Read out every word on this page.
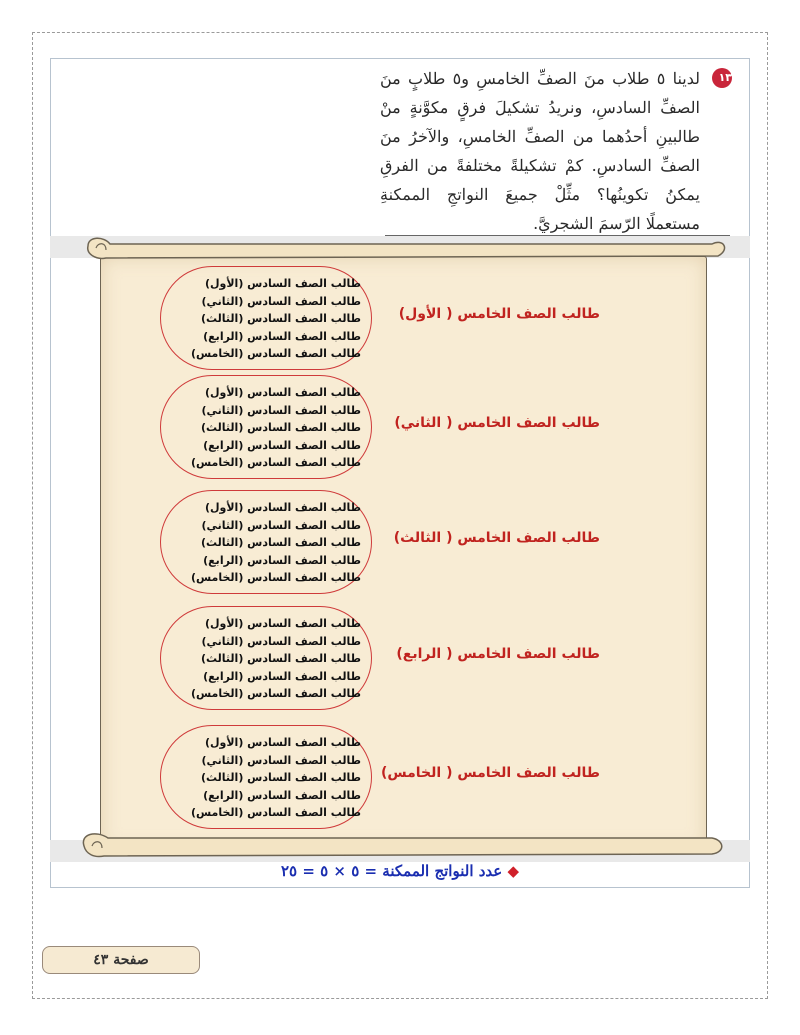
١٣
لدينا ٥ طلاب منَ الصفِّ الخامسِ و٥ طلابٍ منَ الصفِّ السادسِ، ونريدُ تشكيلَ فرقٍ مكوَّنةٍ منْ طالبينِ أحدُهما من الصفِّ الخامسِ، والآخرُ منَ الصفِّ السادسِ. كمْ تشكيلةً مختلفةً من الفرقِ يمكنُ تكوينُها؟ مثِّلْ جميعَ النواتجِ الممكنةِ مستعملًا الرّسمَ الشجريَّ.
طالب الصف السادس (الأول)
طالب الصف السادس (الثاني)
طالب الصف السادس (الثالث)
طالب الصف السادس (الرابع)
طالب الصف السادس (الخامس)
طالب الصف الخامس ( الأول)
طالب الصف السادس (الأول)
طالب الصف السادس (الثاني)
طالب الصف السادس (الثالث)
طالب الصف السادس (الرابع)
طالب الصف السادس (الخامس)
طالب الصف الخامس ( الثاني)
طالب الصف السادس (الأول)
طالب الصف السادس (الثاني)
طالب الصف السادس (الثالث)
طالب الصف السادس (الرابع)
طالب الصف السادس (الخامس)
طالب الصف الخامس ( الثالث)
طالب الصف السادس (الأول)
طالب الصف السادس (الثاني)
طالب الصف السادس (الثالث)
طالب الصف السادس (الرابع)
طالب الصف السادس (الخامس)
طالب الصف الخامس ( الرابع)
طالب الصف السادس (الأول)
طالب الصف السادس (الثاني)
طالب الصف السادس (الثالث)
طالب الصف السادس (الرابع)
طالب الصف السادس (الخامس)
طالب الصف الخامس ( الخامس)
◆ عدد النواتج الممكنة = ٥ × ٥ = ٢٥
صفحة ٤٣
